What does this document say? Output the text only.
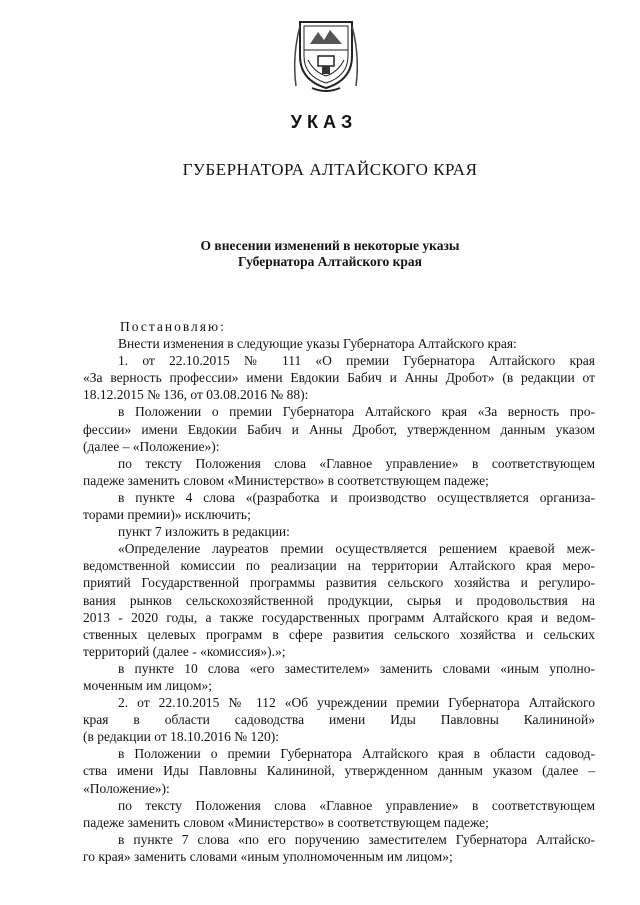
УКАЗ
ГУБЕРНАТОРА АЛТАЙСКОГО КРАЯ
О внесении изменений в некоторые указы
Губернатора Алтайского края
Постановляю:
Внести изменения в следующие указы Губернатора Алтайского края:
1. от 22.10.2015 № 111 «О премии Губернатора Алтайского края
«За верность профессии» имени Евдокии Бабич и Анны Дробот» (в редакции от
18.12.2015 № 136, от 03.08.2016 № 88):
в Положении о премии Губернатора Алтайского края «За верность про-
фессии» имени Евдокии Бабич и Анны Дробот, утвержденном данным указом
(далее – «Положение»):
по тексту Положения слова «Главное управление» в соответствующем
падеже заменить словом «Министерство» в соответствующем падеже;
в пункте 4 слова «(разработка и производство осуществляется организа-
торами премии)» исключить;
пункт 7 изложить в редакции:
«Определение лауреатов премии осуществляется решением краевой меж-
ведомственной комиссии по реализации на территории Алтайского края меро-
приятий Государственной программы развития сельского хозяйства и регулиро-
вания рынков сельскохозяйственной продукции, сырья и продовольствия на
2013 - 2020 годы, а также государственных программ Алтайского края и ведом-
ственных целевых программ в сфере развития сельского хозяйства и сельских
территорий (далее - «комиссия»).»;
в пункте 10 слова «его заместителем» заменить словами «иным уполно-
моченным им лицом»;
2. от 22.10.2015 № 112 «Об учреждении премии Губернатора Алтайского
края в области садоводства имени Иды Павловны Калининой»
(в редакции от 18.10.2016 № 120):
в Положении о премии Губернатора Алтайского края в области садовод-
ства имени Иды Павловны Калининой, утвержденном данным указом (далее –
«Положение»):
по тексту Положения слова «Главное управление» в соответствующем
падеже заменить словом «Министерство» в соответствующем падеже;
в пункте 7 слова «по его поручению заместителем Губернатора Алтайско-
го края» заменить словами «иным уполномоченным им лицом»;
